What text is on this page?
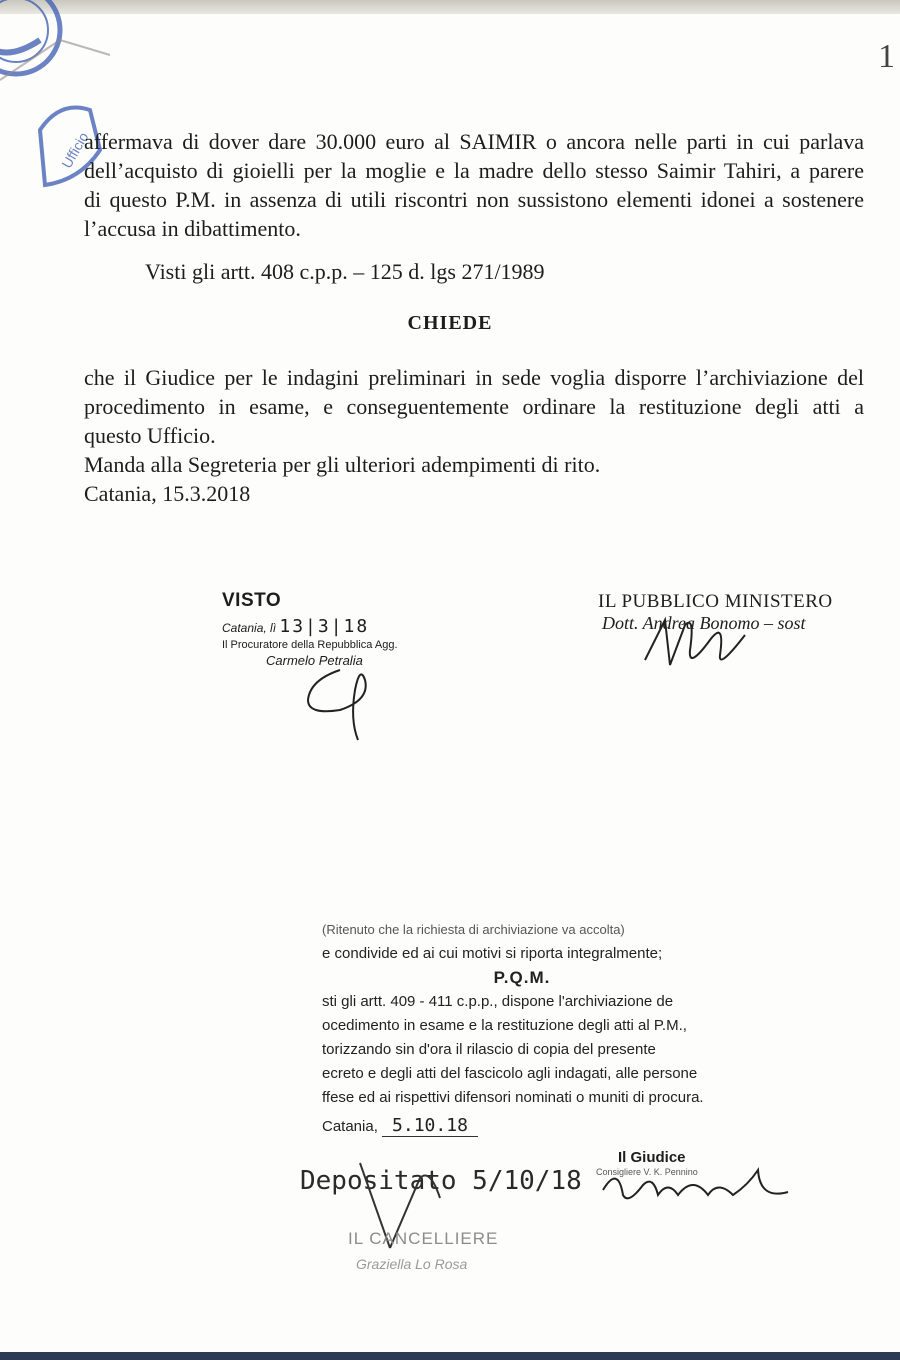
Ufficio
1

affermava di dover dare 30.000 euro al SAIMIR o ancora nelle parti in cui parlava
dell’acquisto di gioielli per la moglie e la madre dello stesso Saimir Tahiri, a parere
di questo P.M. in assenza di utili riscontri non sussistono elementi idonei a sostenere
l’accusa in dibattimento.

Visti gli artt. 408 c.p.p. – 125 d. lgs 271/1989

CHIEDE

che il Giudice per le indagini preliminari in sede voglia disporre l’archiviazione del
procedimento in esame, e conseguentemente ordinare la restituzione degli atti a
questo Ufficio.

Manda alla Segreteria per gli ulteriori adempimenti di rito.
Catania, 15.3.2018

VISTO
Catania, lì 13|3|18
Il Procuratore della Repubblica Agg.
Carmelo Petralia
IL PUBBLICO MINISTERO
Dott. Andrea Bonomo – sost
(Ritenuto che la richiesta di archiviazione va accolta)
e condivide ed ai cui motivi si riporta integralmente;
P.Q.M.
sti gli artt. 409 - 411 c.p.p., dispone l'archiviazione de
ocedimento in esame e la restituzione degli atti al P.M.,
torizzando sin d'ora il rilascio di copia del presente
ecreto e degli atti del fascicolo agli indagati, alle persone
ffese ed ai rispettivi difensori nominati o muniti di procura.
Catania, 5.10.18
Il Giudice
Consigliere V. K. Pennino
Depositato 5/10/18
IL CANCELLIERE
Graziella Lo Rosa
